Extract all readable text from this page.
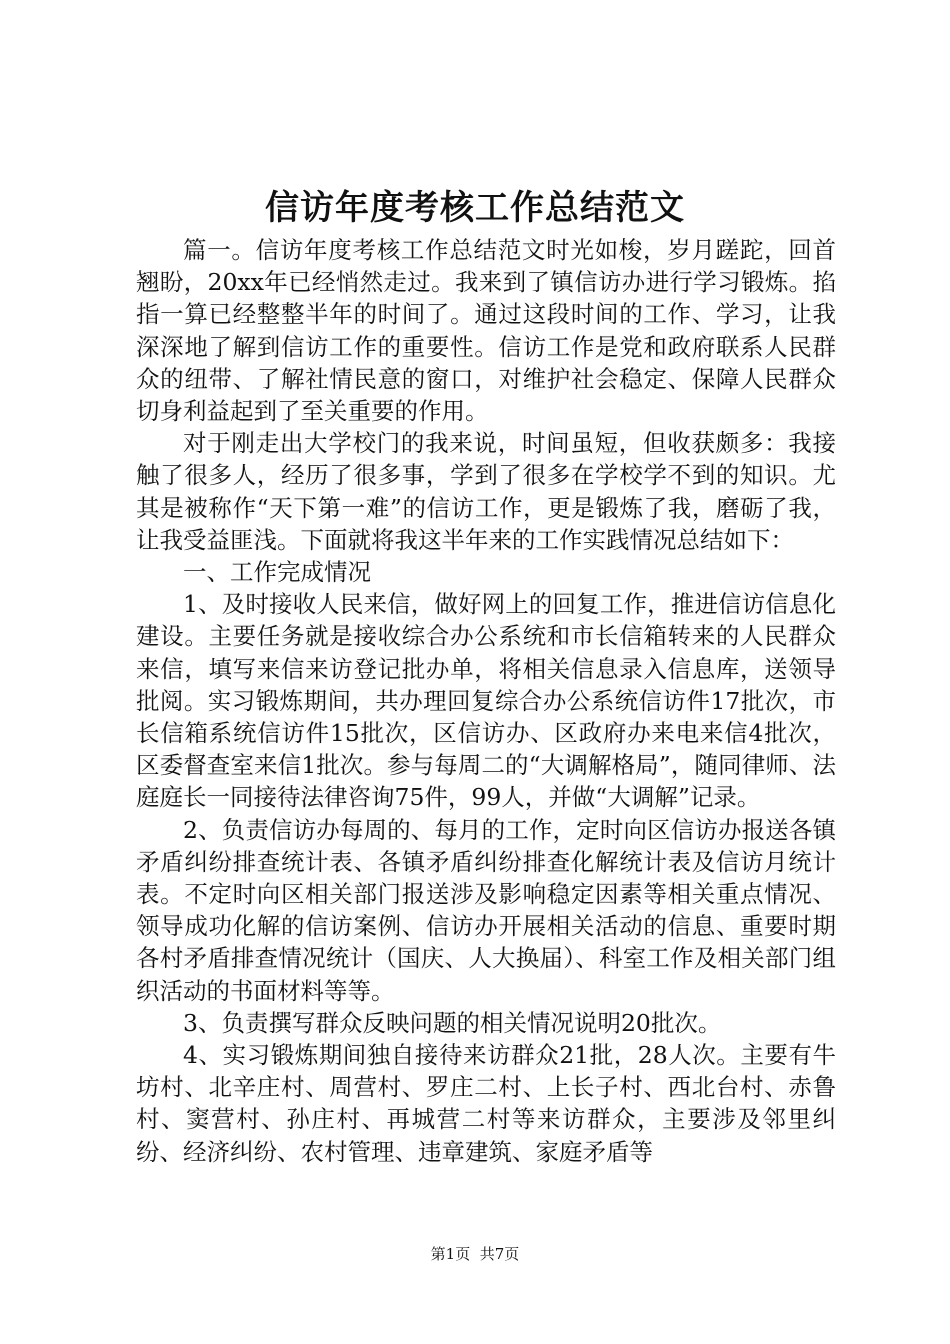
信访年度考核工作总结范文

篇一。信访年度考核工作总结范文时光如梭，岁月蹉跎，回首翘盼，20xx年已经悄然走过。我来到了镇信访办进行学习锻炼。掐指一算已经整整半年的时间了。通过这段时间的工作、学习，让我深深地了解到信访工作的重要性。信访工作是党和政府联系人民群众的纽带、了解社情民意的窗口，对维护社会稳定、保障人民群众切身利益起到了至关重要的作用。

对于刚走出大学校门的我来说，时间虽短，但收获颇多：我接触了很多人，经历了很多事，学到了很多在学校学不到的知识。尤其是被称作“天下第一难”的信访工作，更是锻炼了我，磨砺了我，让我受益匪浅。下面就将我这半年来的工作实践情况总结如下：

一、工作完成情况

1、及时接收人民来信，做好网上的回复工作，推进信访信息化建设。主要任务就是接收综合办公系统和市长信箱转来的人民群众来信，填写来信来访登记批办单，将相关信息录入信息库，送领导批阅。实习锻炼期间，共办理回复综合办公系统信访件17批次，市长信箱系统信访件15批次，区信访办、区政府办来电来信4批次，区委督查室来信1批次。参与每周二的“大调解格局”，随同律师、法庭庭长一同接待法律咨询75件，99人，并做“大调解”记录。

2、负责信访办每周的、每月的工作，定时向区信访办报送各镇矛盾纠纷排查统计表、各镇矛盾纠纷排查化解统计表及信访月统计表。不定时向区相关部门报送涉及影响稳定因素等相关重点情况、领导成功化解的信访案例、信访办开展相关活动的信息、重要时期各村矛盾排查情况统计（国庆、人大换届）、科室工作及相关部门组织活动的书面材料等等。

3、负责撰写群众反映问题的相关情况说明20批次。

4、实习锻炼期间独自接待来访群众21批，28人次。主要有牛坊村、北辛庄村、周营村、罗庄二村、上长子村、西北台村、赤鲁村、窦营村、孙庄村、再城营二村等来访群众，主要涉及邻里纠纷、经济纠纷、农村管理、违章建筑、家庭矛盾等

第1页 共7页
